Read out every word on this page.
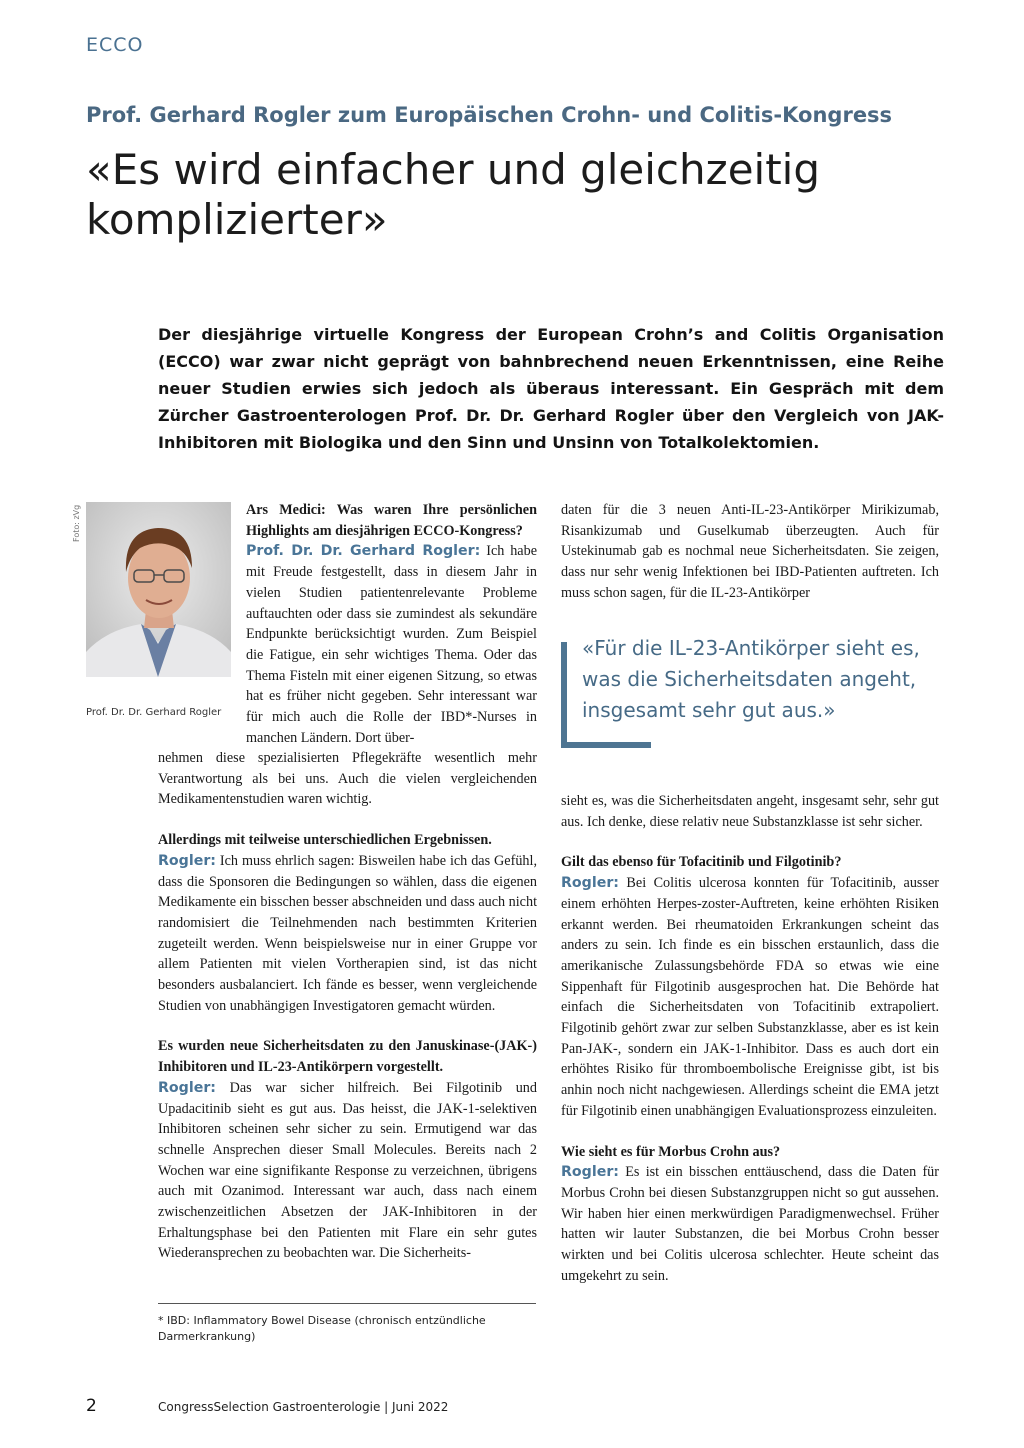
ECCO
Prof. Gerhard Rogler zum Europäischen Crohn- und Colitis-Kongress
«Es wird einfacher und gleichzeitig
komplizierter»
Der diesjährige virtuelle Kongress der European Crohn’s and Colitis Organisation (ECCO) war zwar nicht geprägt von bahnbrechend neuen Erkenntnissen, eine Reihe neuer Studien erwies sich jedoch als überaus interessant. Ein Gespräch mit dem Zürcher Gastroenterologen Prof. Dr. Dr. Gerhard Rogler über den Vergleich von JAK-Inhibitoren mit Biologika und den Sinn und Unsinn von Totalkolektomien.
Foto: zVg
Prof. Dr. Dr. Gerhard Rogler

Ars Medici: Was waren Ihre persönlichen Highlights am diesjährigen ECCO-Kongress?

Prof. Dr. Dr. Gerhard Rogler: Ich habe mit Freude festgestellt, dass in diesem Jahr in vielen Studien patientenrelevante Probleme auftauchten oder dass sie zumindest als sekundäre Endpunkte berücksichtigt wurden. Zum Beispiel die Fatigue, ein sehr wichtiges Thema. Oder das Thema Fisteln mit einer eigenen Sitzung, so etwas hat es früher nicht gegeben. Sehr interessant war für mich auch die Rolle der IBD*-Nurses in manchen Ländern. Dort über-

nehmen diese spezialisierten Pflegekräfte wesentlich mehr Verantwortung als bei uns. Auch die vielen vergleichenden Medikamentenstudien waren wichtig.

Allerdings mit teilweise unterschiedlichen Ergebnissen.

Rogler: Ich muss ehrlich sagen: Bisweilen habe ich das Gefühl, dass die Sponsoren die Bedingungen so wählen, dass die eigenen Medikamente ein bisschen besser abschneiden und dass auch nicht randomisiert die Teilnehmenden nach bestimmten Kriterien zugeteilt werden. Wenn beispielsweise nur in einer Gruppe vor allem Patienten mit vielen Vortherapien sind, ist das nicht besonders ausbalanciert. Ich fände es besser, wenn vergleichende Studien von unabhängigen Investigatoren gemacht würden.

Es wurden neue Sicherheitsdaten zu den Januskinase-(JAK-) Inhibitoren und IL-23-Antikörpern vorgestellt.

Rogler: Das war sicher hilfreich. Bei Filgotinib und Upadacitinib sieht es gut aus. Das heisst, die JAK-1-selektiven Inhibitoren scheinen sehr sicher zu sein. Ermutigend war das schnelle Ansprechen dieser Small Molecules. Bereits nach 2 Wochen war eine signifikante Response zu verzeichnen, übrigens auch mit Ozanimod. Interessant war auch, dass nach einem zwischenzeitlichen Absetzen der JAK-Inhibitoren in der Erhaltungsphase bei den Patienten mit Flare ein sehr gutes Wiederansprechen zu beobachten war. Die Sicherheits-

daten für die 3 neuen Anti-IL-23-Antikörper Mirikizumab, Risankizumab und Guselkumab überzeugten. Auch für Ustekinumab gab es nochmal neue Sicherheitsdaten. Sie zeigen, dass nur sehr wenig Infektionen bei IBD-Patienten auftreten. Ich muss schon sagen, für die IL-23-Antikörper

«Für die IL-23-Antikörper sieht es, was die Sicherheitsdaten angeht, insgesamt sehr gut aus.»

sieht es, was die Sicherheitsdaten angeht, insgesamt sehr, sehr gut aus. Ich denke, diese relativ neue Substanzklasse ist sehr sicher.

Gilt das ebenso für Tofacitinib und Filgotinib?

Rogler: Bei Colitis ulcerosa konnten für Tofacitinib, ausser einem erhöhten Herpes-zoster-Auftreten, keine erhöhten Risiken erkannt werden. Bei rheumatoiden Erkrankungen scheint das anders zu sein. Ich finde es ein bisschen erstaunlich, dass die amerikanische Zulassungsbehörde FDA so etwas wie eine Sippenhaft für Filgotinib ausgesprochen hat. Die Behörde hat einfach die Sicherheitsdaten von Tofacitinib extrapoliert. Filgotinib gehört zwar zur selben Substanzklasse, aber es ist kein Pan-JAK-, sondern ein JAK-1-Inhibitor. Dass es auch dort ein erhöhtes Risiko für thromboembolische Ereignisse gibt, ist bis anhin noch nicht nachgewiesen. Allerdings scheint die EMA jetzt für Filgotinib einen unabhängigen Evaluationsprozess einzuleiten.

Wie sieht es für Morbus Crohn aus?

Rogler: Es ist ein bisschen enttäuschend, dass die Daten für Morbus Crohn bei diesen Substanzgruppen nicht so gut aussehen. Wir haben hier einen merkwürdigen Paradigmenwechsel. Früher hatten wir lauter Substanzen, die bei Morbus Crohn besser wirkten und bei Colitis ulcerosa schlechter. Heute scheint das umgekehrt zu sein.

* IBD: Inflammatory Bowel Disease (chronisch entzündliche Darmerkrankung)
2	CongressSelection Gastroenterologie | Juni 2022
